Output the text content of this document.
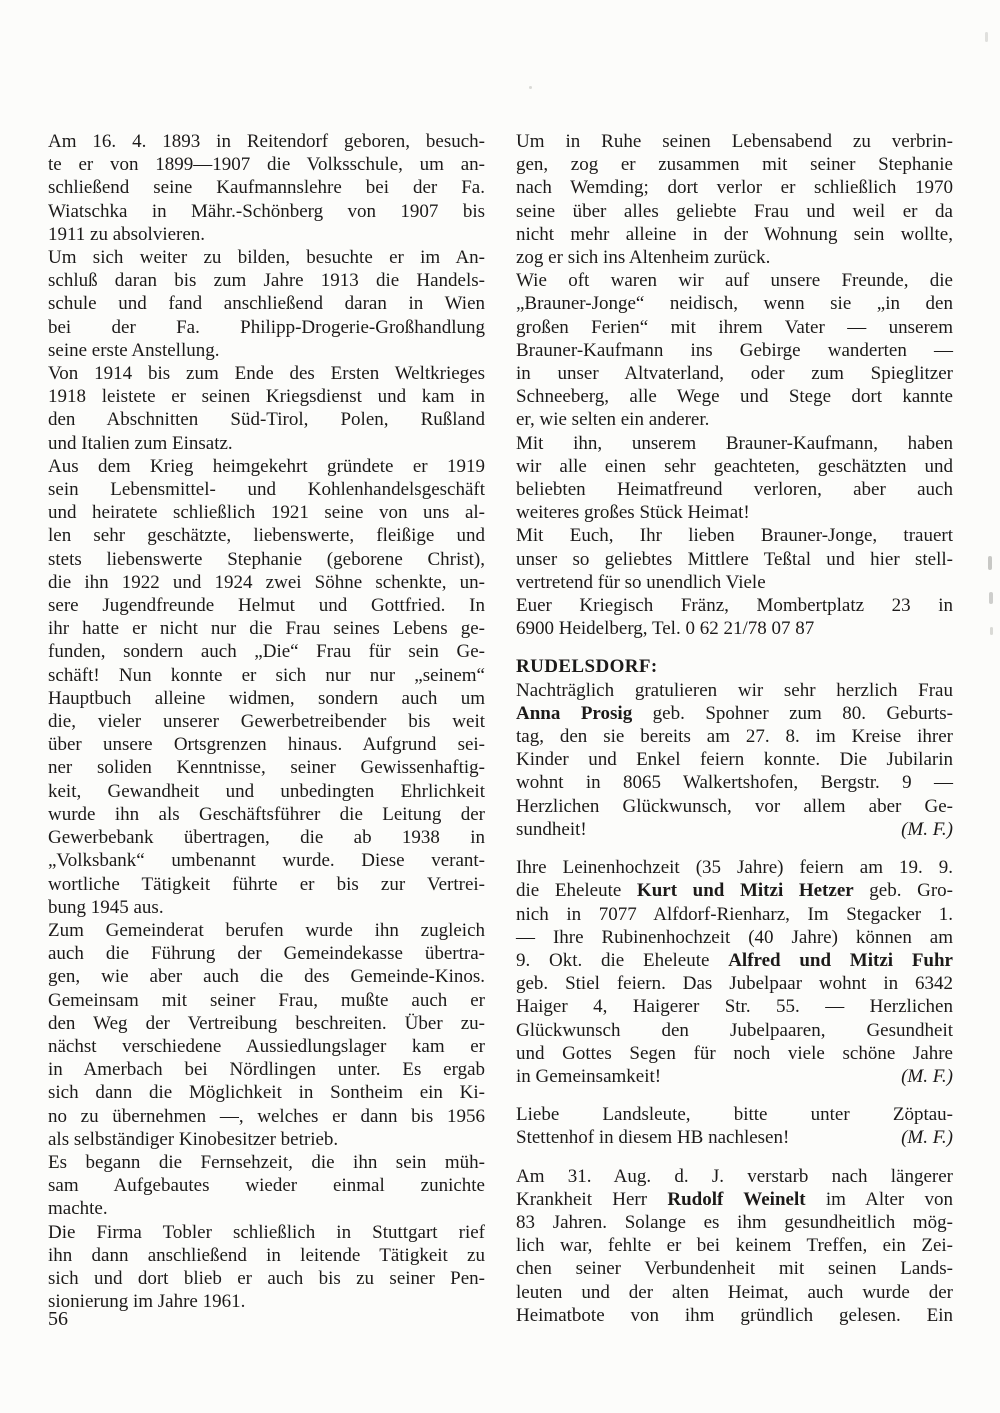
Am 16. 4. 1893 in Reitendorf geboren, besuch-
te er von 1899—1907 die Volksschule, um an-
schließend seine Kaufmannslehre bei der Fa.
Wiatschka in Mähr.-Schönberg von 1907 bis
1911 zu absolvieren.
Um sich weiter zu bilden, besuchte er im An-
schluß daran bis zum Jahre 1913 die Handels-
schule und fand anschließend daran in Wien
bei der Fa. Philipp-Drogerie-Großhandlung
seine erste Anstellung.
Von 1914 bis zum Ende des Ersten Weltkrieges
1918 leistete er seinen Kriegsdienst und kam in
den Abschnitten Süd-Tirol, Polen, Rußland
und Italien zum Einsatz.
Aus dem Krieg heimgekehrt gründete er 1919
sein Lebensmittel- und Kohlenhandelsgeschäft
und heiratete schließlich 1921 seine von uns al-
len sehr geschätzte, liebenswerte, fleißige und
stets liebenswerte Stephanie (geborene Christ),
die ihn 1922 und 1924 zwei Söhne schenkte, un-
sere Jugendfreunde Helmut und Gottfried. In
ihr hatte er nicht nur die Frau seines Lebens ge-
funden, sondern auch „Die“ Frau für sein Ge-
schäft! Nun konnte er sich nur nur „seinem“
Hauptbuch alleine widmen, sondern auch um
die, vieler unserer Gewerbetreibender bis weit
über unsere Ortsgrenzen hinaus. Aufgrund sei-
ner soliden Kenntnisse, seiner Gewissenhaftig-
keit, Gewandheit und unbedingten Ehrlichkeit
wurde ihn als Geschäftsführer die Leitung der
Gewerbebank übertragen, die ab 1938 in
„Volksbank“ umbenannt wurde. Diese verant-
wortliche Tätigkeit führte er bis zur Vertrei-
bung 1945 aus.
Zum Gemeinderat berufen wurde ihn zugleich
auch die Führung der Gemeindekasse übertra-
gen, wie aber auch die des Gemeinde-Kinos.
Gemeinsam mit seiner Frau, mußte auch er
den Weg der Vertreibung beschreiten. Über zu-
nächst verschiedene Aussiedlungslager kam er
in Amerbach bei Nördlingen unter. Es ergab
sich dann die Möglichkeit in Sontheim ein Ki-
no zu übernehmen —, welches er dann bis 1956
als selbständiger Kinobesitzer betrieb.
Es begann die Fernsehzeit, die ihn sein müh-
sam Aufgebautes wieder einmal zunichte
machte.
Die Firma Tobler schließlich in Stuttgart rief
ihn dann anschließend in leitende Tätigkeit zu
sich und dort blieb er auch bis zu seiner Pen-
sionierung im Jahre 1961.
Um in Ruhe seinen Lebensabend zu verbrin-
gen, zog er zusammen mit seiner Stephanie
nach Wemding; dort verlor er schließlich 1970
seine über alles geliebte Frau und weil er da
nicht mehr alleine in der Wohnung sein wollte,
zog er sich ins Altenheim zurück.
Wie oft waren wir auf unsere Freunde, die
„Brauner-Jonge“ neidisch, wenn sie „in den
großen Ferien“ mit ihrem Vater — unserem
Brauner-Kaufmann ins Gebirge wanderten —
in unser Altvaterland, oder zum Spieglitzer
Schneeberg, alle Wege und Stege dort kannte
er, wie selten ein anderer.
Mit ihn, unserem Brauner-Kaufmann, haben
wir alle einen sehr geachteten, geschätzten und
beliebten Heimatfreund verloren, aber auch
weiteres großes Stück Heimat!
Mit Euch, Ihr lieben Brauner-Jonge, trauert
unser so geliebtes Mittlere Teßtal und hier stell-
vertretend für so unendlich Viele
Euer Kriegisch Fränz, Mombertplatz 23 in
6900 Heidelberg, Tel. 0 62 21/78 07 87
RUDELSDORF:
Nachträglich gratulieren wir sehr herzlich Frau
Anna Prosig geb. Spohner zum 80. Geburts-
tag, den sie bereits am 27. 8. im Kreise ihrer
Kinder und Enkel feiern konnte. Die Jubilarin
wohnt in 8065 Walkertshofen, Bergstr. 9 —
Herzlichen Glückwunsch, vor allem aber Ge-
sundheit!	(M. F.)
Ihre Leinenhochzeit (35 Jahre) feiern am 19. 9.
die Eheleute Kurt und Mitzi Hetzer geb. Gro-
nich in 7077 Alfdorf-Rienharz, Im Stegacker 1.
— Ihre Rubinenhochzeit (40 Jahre) können am
9. Okt. die Eheleute Alfred und Mitzi Fuhr
geb. Stiel feiern. Das Jubelpaar wohnt in 6342
Haiger 4, Haigerer Str. 55. — Herzlichen
Glückwunsch den Jubelpaaren, Gesundheit
und Gottes Segen für noch viele schöne Jahre
in Gemeinsamkeit!	(M. F.)
Liebe Landsleute, bitte unter Zöptau-
Stettenhof in diesem HB nachlesen!	(M. F.)
Am 31. Aug. d. J. verstarb nach längerer
Krankheit Herr Rudolf Weinelt im Alter von
83 Jahren. Solange es ihm gesundheitlich mög-
lich war, fehlte er bei keinem Treffen, ein Zei-
chen seiner Verbundenheit mit seinen Lands-
leuten und der alten Heimat, auch wurde der
Heimatbote von ihm gründlich gelesen. Ein
56
